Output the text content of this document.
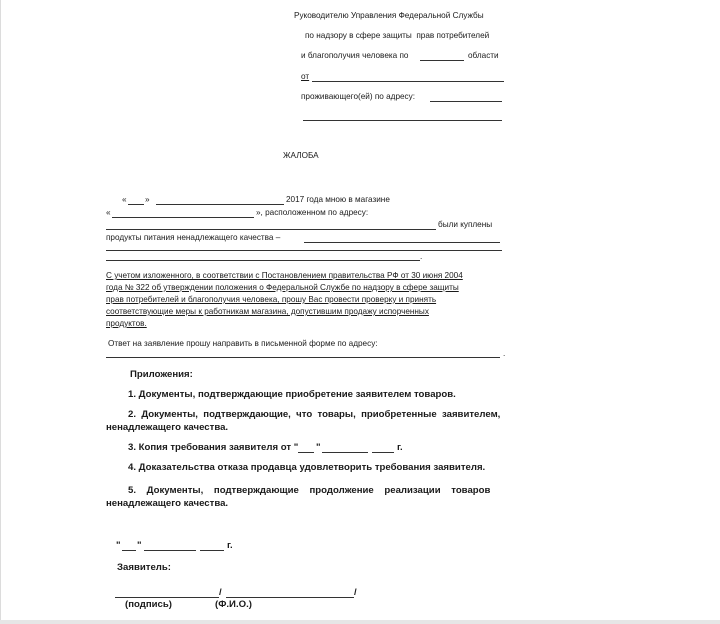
Руководителю Управления Федеральной Службы
по надзору в сфере защиты  прав потребителей
и благополучия человека по	области
от
проживающего(ей) по адресу:
ЖАЛОБА
« »	2017 года мною в магазине
«	», расположенном по адресу:
были куплены
продукты питания ненадлежащего качества –
.
С учетом изложенного, в соответствии с Постановлением правительства РФ от 30 июня 2004
года № 322 об утверждении положения о Федеральной Службе по надзору в сфере защиты
прав потребителей и благополучия человека, прошу Вас провести проверку и принять
соответствующие меры к работникам магазина, допустившим продажу испорченных
продуктов.
Ответ на заявление прошу направить в письменной форме по адресу:
.
Приложения:
1. Документы, подтверждающие приобретение заявителем товаров.
2.  Документы,  подтверждающие,  что  товары,  приобретенные  заявителем,
ненадлежащего качества.
3. Копия требования заявителя от " "	г.
4. Доказательства отказа продавца удовлетворить требования заявителя.
5.    Документы,    подтверждающие    продолжение    реализации    товаров
ненадлежащего качества.
" "	г.
Заявитель:
/	/
(подпись)	(Ф.И.О.)
